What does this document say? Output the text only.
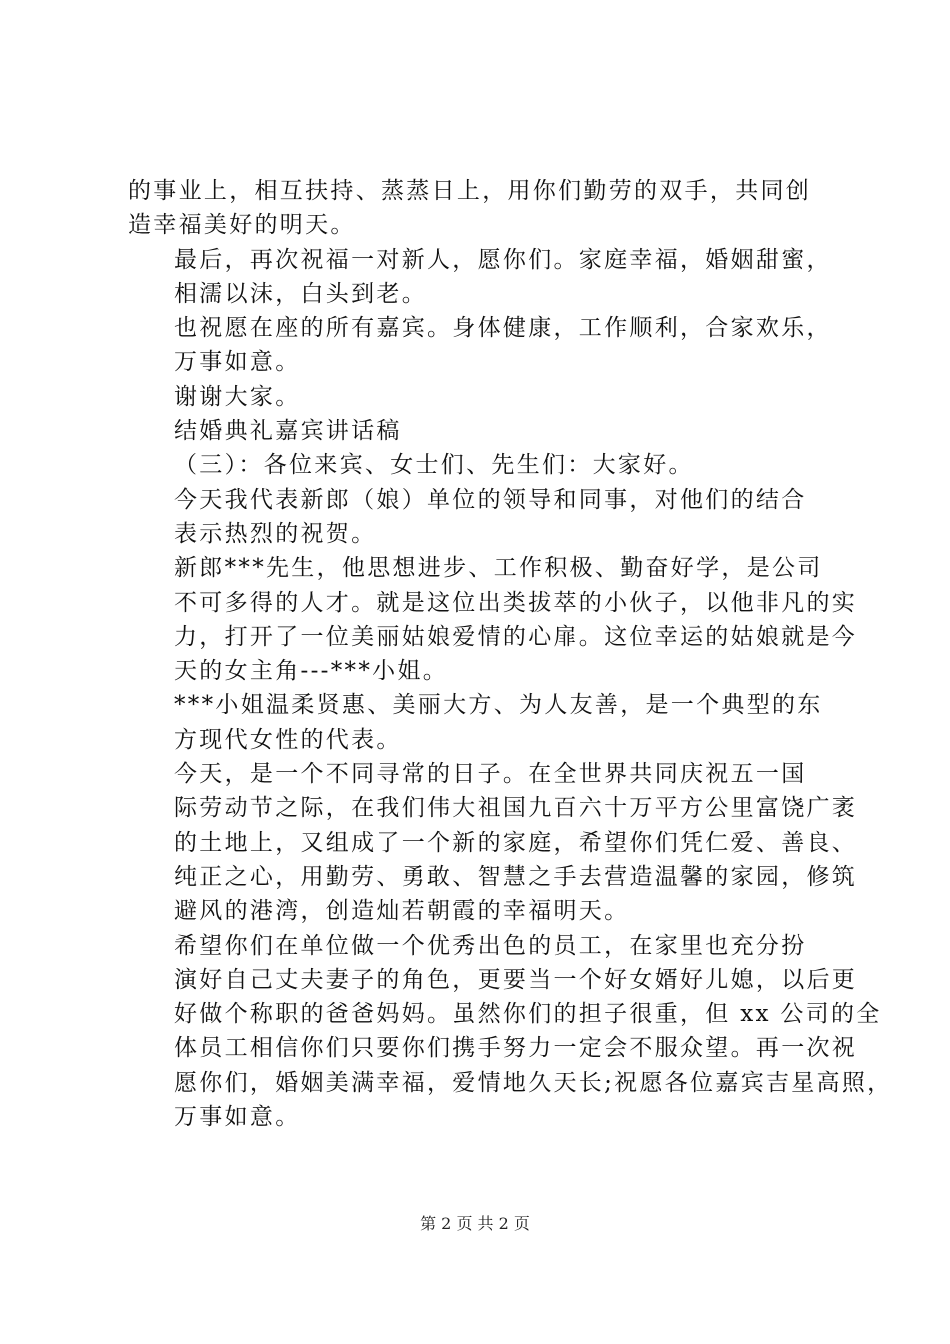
的事业上，相互扶持、蒸蒸日上，用你们勤劳的双手，共同创
造幸福美好的明天。

最后，再次祝福一对新人，愿你们。家庭幸福，婚姻甜蜜，
相濡以沫，白头到老。

也祝愿在座的所有嘉宾。身体健康，工作顺利，合家欢乐，
万事如意。

谢谢大家。

结婚典礼嘉宾讲话稿

（三）：各位来宾、女士们、先生们：大家好。

今天我代表新郎（娘）单位的领导和同事，对他们的结合
表示热烈的祝贺。

新郎***先生，他思想进步、工作积极、勤奋好学，是公司
不可多得的人才。就是这位出类拔萃的小伙子，以他非凡的实
力，打开了一位美丽姑娘爱情的心扉。这位幸运的姑娘就是今
天的女主角---***小姐。

***小姐温柔贤惠、美丽大方、为人友善，是一个典型的东
方现代女性的代表。

今天，是一个不同寻常的日子。在全世界共同庆祝五一国
际劳动节之际，在我们伟大祖国九百六十万平方公里富饶广袤
的土地上，又组成了一个新的家庭，希望你们凭仁爱、善良、
纯正之心，用勤劳、勇敢、智慧之手去营造温馨的家园，修筑
避风的港湾，创造灿若朝霞的幸福明天。

希望你们在单位做一个优秀出色的员工，在家里也充分扮
演好自己丈夫妻子的角色，更要当一个好女婿好儿媳，以后更
好做个称职的爸爸妈妈。虽然你们的担子很重，但 xx 公司的全
体员工相信你们只要你们携手努力一定会不服众望。再一次祝
愿你们，婚姻美满幸福，爱情地久天长;祝愿各位嘉宾吉星高照，
万事如意。

第 2 页 共 2 页
